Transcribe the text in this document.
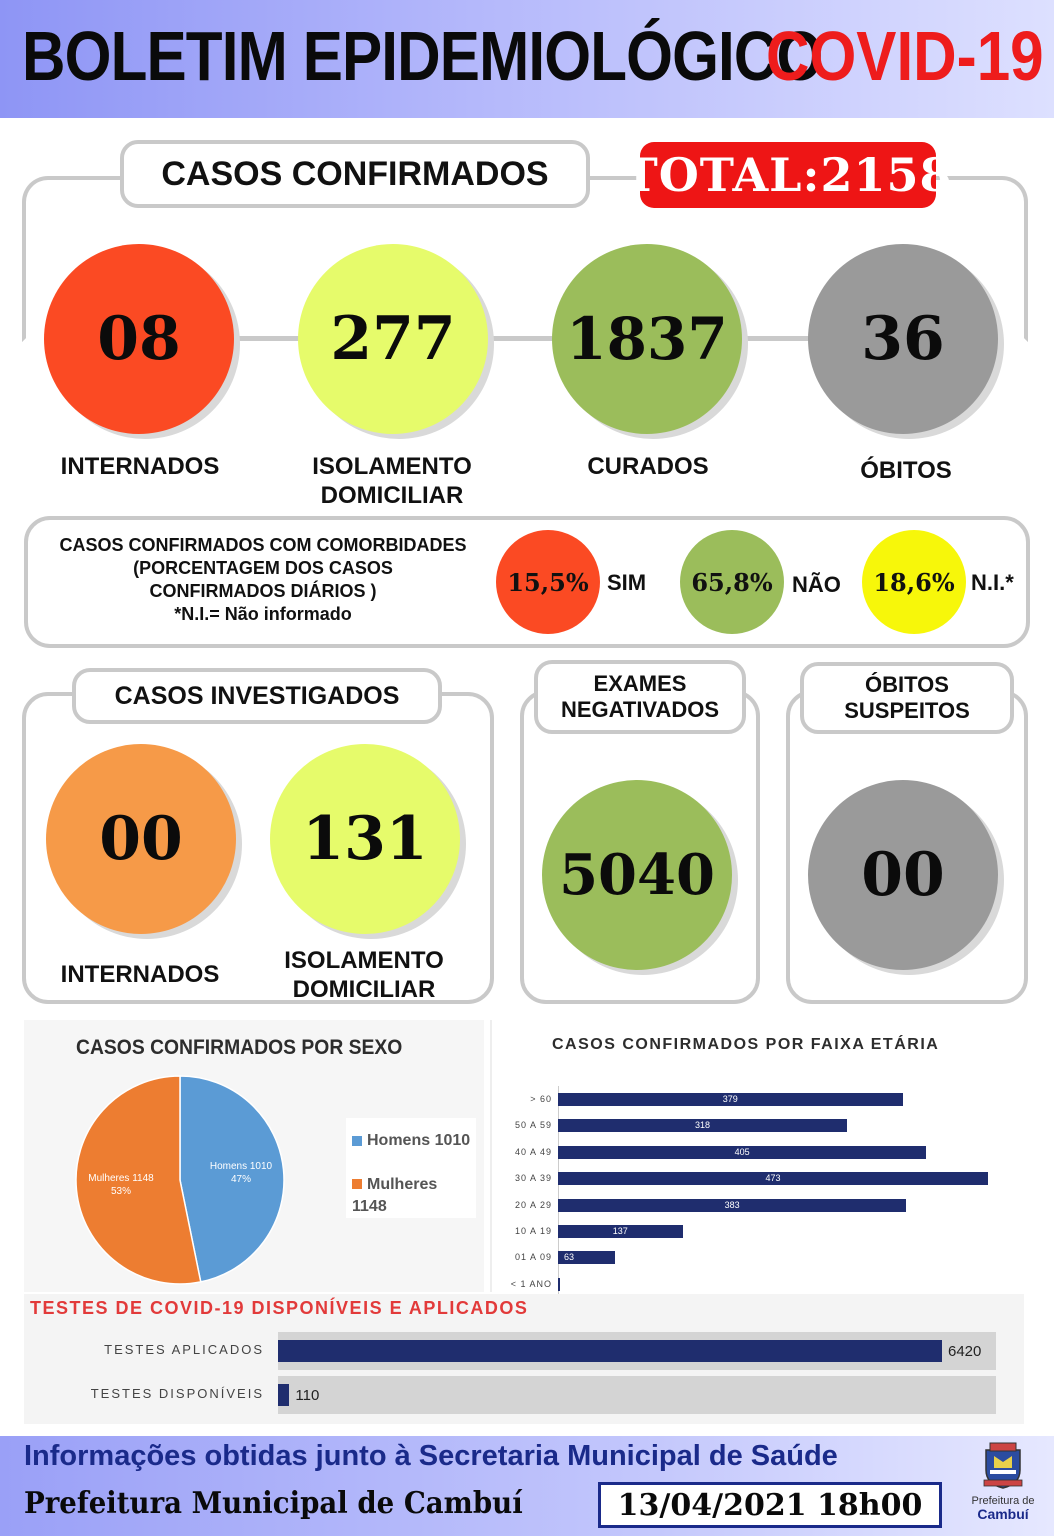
BOLETIM EPIDEMIOLÓGICO
COVID-19
CASOS CONFIRMADOS	TOTAL:2158
08	277	1837	36
INTERNADOS	ISOLAMENTO
DOMICILIAR
CURADOS	ÓBITOS
CASOS CONFIRMADOS COM COMORBIDADES
(PORCENTAGEM DOS CASOS
CONFIRMADOS DIÁRIOS )
*N.I.= Não informado
15,5% SIM	65,8% NÃO	18,6% N.I.*
CASOS INVESTIGADOS
00	131
INTERNADOS
ISOLAMENTO
DOMICILIAR
EXAMES
NEGATIVADOS
5040
ÓBITOS
SUSPEITOS
00
CASOS CONFIRMADOS POR SEXO
Homens 1010
47%
Mulheres 1148
53%
Homens 1010
Mulheres 1148
CASOS CONFIRMADOS POR FAIXA ETÁRIA
> 60	379
50 A 59	318
40 A 49	405
30 A 39	473
20 A 29	383
10 A 19	137
01 A 09 63
< 1 ANO
TESTES DE COVID-19 DISPONÍVEIS E APLICADOS
TESTES APLICADOS	6420
TESTES DISPONÍVEIS 110
Informações obtidas junto à Secretaria Municipal de Saúde
Prefeitura Municipal de Cambuí	13/04/2021 18h00	Prefeitura de
Cambuí
